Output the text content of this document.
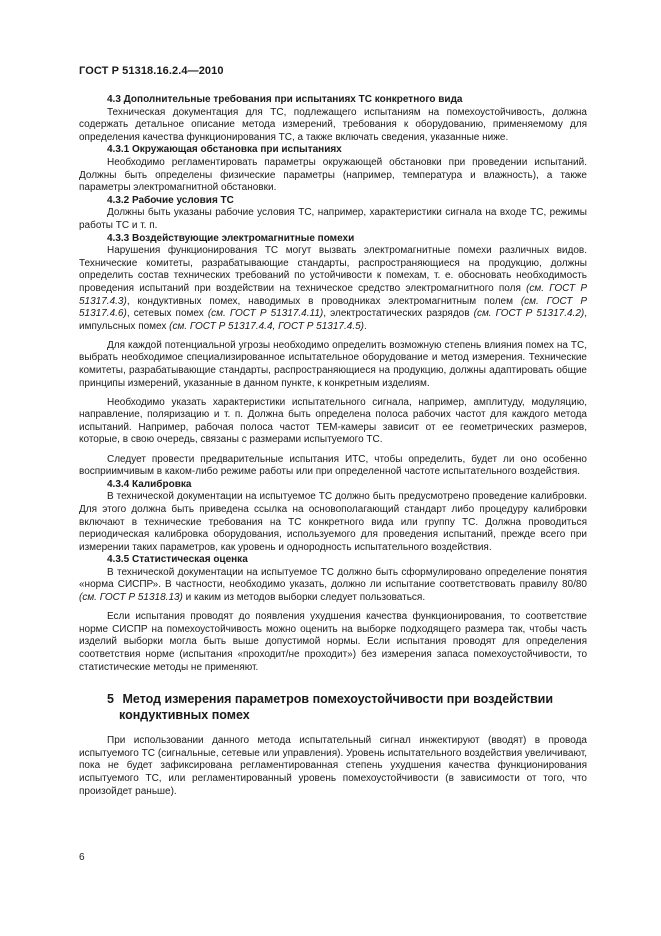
ГОСТ Р 51318.16.2.4—2010
4.3 Дополнительные требования при испытаниях ТС конкретного вида

Техническая документация для ТС, подлежащего испытаниям на помехоустойчивость, должна содержать детальное описание метода измерений, требования к оборудованию, применяемому для определения качества функционирования ТС, а также включать сведения, указанные ниже.

4.3.1 Окружающая обстановка при испытаниях

Необходимо регламентировать параметры окружающей обстановки при проведении испытаний. Должны быть определены физические параметры (например, температура и влажность), а также параметры электромагнитной обстановки.

4.3.2 Рабочие условия ТС

Должны быть указаны рабочие условия ТС, например, характеристики сигнала на входе ТС, режимы работы ТС и т. п.

4.3.3 Воздействующие электромагнитные помехи

Нарушения функционирования ТС могут вызвать электромагнитные помехи различных видов. Технические комитеты, разрабатывающие стандарты, распространяющиеся на продукцию, должны определить состав технических требований по устойчивости к помехам, т. е. обосновать необходимость проведения испытаний при воздействии на техническое средство электромагнитного поля (см. ГОСТ Р 51317.4.3), кондуктивных помех, наводимых в проводниках электромагнитным полем (см. ГОСТ Р 51317.4.6), сетевых помех (см. ГОСТ Р 51317.4.11), электростатических разрядов (см. ГОСТ Р 51317.4.2), импульсных помех (см. ГОСТ Р 51317.4.4, ГОСТ Р 51317.4.5).

Для каждой потенциальной угрозы необходимо определить возможную степень влияния помех на ТС, выбрать необходимое специализированное испытательное оборудование и метод измерения. Технические комитеты, разрабатывающие стандарты, распространяющиеся на продукцию, должны адаптировать общие принципы измерений, указанные в данном пункте, к конкретным изделиям.

Необходимо указать характеристики испытательного сигнала, например, амплитуду, модуляцию, направление, поляризацию и т. п. Должна быть определена полоса рабочих частот для каждого метода испытаний. Например, рабочая полоса частот ТЕМ-камеры зависит от ее геометрических размеров, которые, в свою очередь, связаны с размерами испытуемого ТС.

Следует провести предварительные испытания ИТС, чтобы определить, будет ли оно особенно восприимчивым в каком-либо режиме работы или при определенной частоте испытательного воздействия.

4.3.4 Калибровка

В технической документации на испытуемое ТС должно быть предусмотрено проведение калибровки. Для этого должна быть приведена ссылка на основополагающий стандарт либо процедуру калибровки включают в технические требования на ТС конкретного вида или группу ТС. Должна проводиться периодическая калибровка оборудования, используемого для проведения испытаний, прежде всего при измерении таких параметров, как уровень и однородность испытательного воздействия.

4.3.5 Статистическая оценка

В технической документации на испытуемое ТС должно быть сформулировано определение понятия «норма СИСПР». В частности, необходимо указать, должно ли испытание соответствовать правилу 80/80 (см. ГОСТ Р 51318.13) и каким из методов выборки следует пользоваться.

Если испытания проводят до появления ухудшения качества функционирования, то соответствие норме СИСПР на помехоустойчивость можно оценить на выборке подходящего размера так, чтобы часть изделий выборки могла быть выше допустимой нормы. Если испытания проводят для определения соответствия норме (испытания «проходит/не проходит») без измерения запаса помехоустойчивости, то статистические методы не применяют.

5 Метод измерения параметров помехоустойчивости при воздействии
кондуктивных помех

При использовании данного метода испытательный сигнал инжектируют (вводят) в провода испытуемого ТС (сигнальные, сетевые или управления). Уровень испытательного воздействия увеличивают, пока не будет зафиксирована регламентированная степень ухудшения качества функционирования испытуемого ТС, или регламентированный уровень помехоустойчивости (в зависимости от того, что произойдет раньше).

6
